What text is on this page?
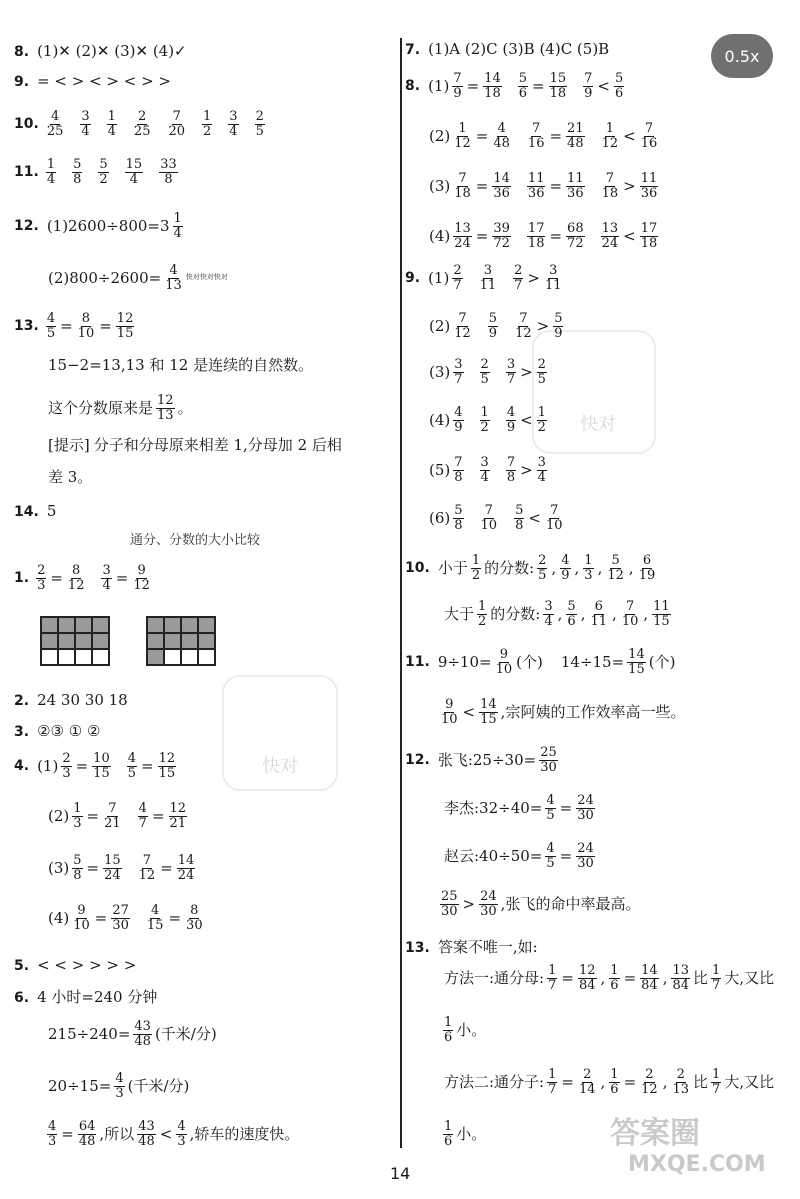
0.5x
快对
快对
答案圈
MXQE.COM
8. (1)✕ (2)✕ (3)✕ (4)✓
9. = < > < > < > >
10. $\frac{4}{25} \frac{3}{4} \frac{1}{4} \frac{2}{25} \frac{7}{20} \frac{1}{2} \frac{3}{4} \frac{2}{5}$
11. $\frac{1}{4} \frac{5}{8} \frac{5}{2} \frac{15}{4} \frac{33}{8}$
12. $(1)2600\div 800=3 \frac{1}{4}$
$(2)800\div 2600= \frac{4}{13}$ 快对快对快对
13. $\frac{4}{5} = \frac{8}{10} = \frac{12}{15}$
15−2=13,13 和 12 是连续的自然数。
这个分数原来是 $\frac{12}{13}$ 。
[提示] 分子和分母原来相差 1,分母加 2 后相
差 3。
14. 5
1. $\frac{2}{3} = \frac{8}{12} \frac{3}{4} = \frac{9}{12}$
2. 24 30 30 18
3. ②③ ① ②
4. $(1) \frac{2}{3} = \frac{10}{15} \frac{4}{5} = \frac{12}{15}$
$(2) \frac{1}{3} = \frac{7}{21} \frac{4}{7} = \frac{12}{21}$
$(3) \frac{5}{8} = \frac{15}{24} \frac{7}{12} = \frac{14}{24}$
$(4) \frac{9}{10} = \frac{27}{30} \frac{4}{15} = \frac{8}{30}$
5. < < > > > >
6. 4 小时=240 分钟
$215\div 240= \frac{43}{48}$ (千米/分)
$20\div 15= \frac{4}{3}$ (千米/分)
$\frac{4}{3} = \frac{64}{48}$ ,所以 $\frac{43}{48} < \frac{4}{3}$ ,轿车的速度快。
7. (1)A (2)C (3)B (4)C (5)B
8. $(1) \frac{7}{9} = \frac{14}{18} \frac{5}{6} = \frac{15}{18} \frac{7}{9} < \frac{5}{6}$
$(2) \frac{1}{12} = \frac{4}{48} \frac{7}{16} = \frac{21}{48} \frac{1}{12} < \frac{7}{16}$
$(3) \frac{7}{18} = \frac{14}{36} \frac{11}{36} = \frac{11}{36} \frac{7}{18} > \frac{11}{36}$
$(4) \frac{13}{24} = \frac{39}{72} \frac{17}{18} = \frac{68}{72} \frac{13}{24} < \frac{17}{18}$
9. $(1) \frac{2}{7} \frac{3}{11} \frac{2}{7} > \frac{3}{11}$
$(2) \frac{7}{12} \frac{5}{9} \frac{7}{12} > \frac{5}{9}$
$(3) \frac{3}{7} \frac{2}{5} \frac{3}{7} > \frac{2}{5}$
$(4) \frac{4}{9} \frac{1}{2} \frac{4}{9} < \frac{1}{2}$
$(5) \frac{7}{8} \frac{3}{4} \frac{7}{8} > \frac{3}{4}$
$(6) \frac{5}{8} \frac{7}{10} \frac{5}{8} < \frac{7}{10}$
10. 小于 $\frac{1}{2}$ 的分数: $\frac{2}{5}$ , $\frac{4}{9}$ , $\frac{1}{3}$ , $\frac{5}{12}$ , $\frac{6}{19}$
大于 $\frac{1}{2}$ 的分数: $\frac{3}{4}$ , $\frac{5}{6}$ , $\frac{6}{11}$ , $\frac{7}{10}$ , $\frac{11}{15}$
11. $9\div 10= \frac{9}{10}$ (个) $14\div 15= \frac{14}{15}$ (个)
$\frac{9}{10} < \frac{14}{15}$ ,宗阿姨的工作效率高一些。
12. 张飞:25÷30= $\frac{25}{30}$
李杰:32÷40= $\frac{4}{5} = \frac{24}{30}$
赵云:40÷50= $\frac{4}{5} = \frac{24}{30}$
$\frac{25}{30} > \frac{24}{30}$ ,张飞的命中率最高。
13. 答案不唯一,如:
方法一:通分母: $\frac{1}{7} = \frac{12}{84}$ , $\frac{1}{6} = \frac{14}{84}$ , $\frac{13}{84}$ 比 $\frac{1}{7}$ 大,又比
$\frac{1}{6}$ 小。
方法二:通分子: $\frac{1}{7} = \frac{2}{14}$ , $\frac{1}{6} = \frac{2}{12}$ , $\frac{2}{13}$ 比 $\frac{1}{7}$ 大,又比
$\frac{1}{6}$ 小。
通分、分数的大小比较
14
